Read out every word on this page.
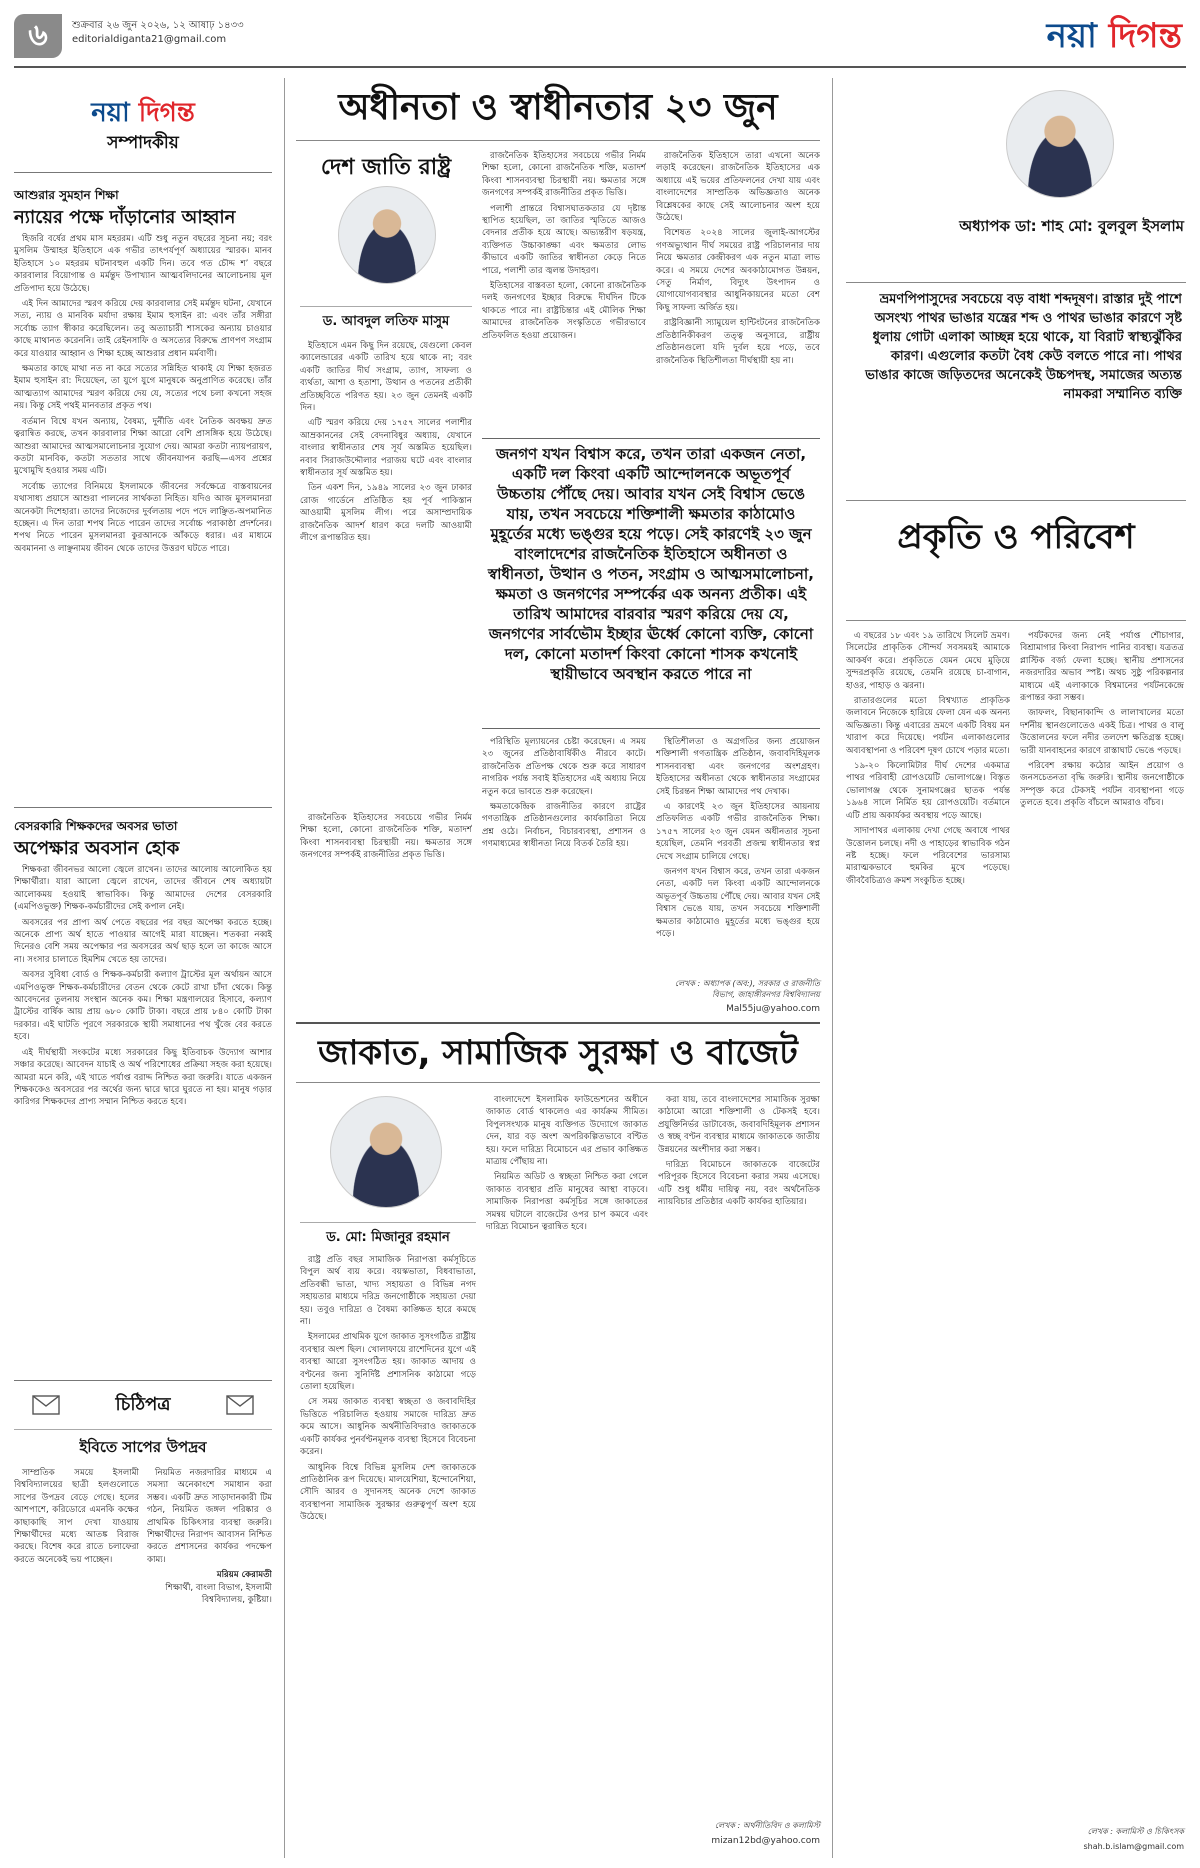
৬	শুক্রবার ২৬ জুন ২০২৬, ১২ আষাঢ় ১৪৩৩
editorialdiganta21@gmail.com	নয়া দিগন্ত
নয়া দিগন্ত
সম্পাদকীয়
আশুরার সুমহান শিক্ষা
ন্যায়ের পক্ষে দাঁড়ানোর আহ্বান

হিজরি বর্ষের প্রথম মাস মহররম। এটি শুধু নতুন বছরের সূচনা নয়; বরং মুসলিম উম্মাহর ইতিহাসে এক গভীর তাৎপর্যপূর্ণ অধ্যায়ের স্মারক। মানব ইতিহাসে ১০ মহররম ঘটনাবহুল একটি দিন। তবে গত চৌদ্দ শ’ বছরে কারবালার বিয়োগান্ত ও মর্মন্তুদ উপাখ্যান আত্মবলিদানের আলোচনায় মূল প্রতিপাদ্য হয়ে উঠেছে।

এই দিন আমাদের স্মরণ করিয়ে দেয় কারবালার সেই মর্মন্তুদ ঘটনা, যেখানে সত্য, ন্যায় ও মানবিক মর্যাদা রক্ষায় ইমাম হুসাইন রা: এবং তাঁর সঙ্গীরা সর্বোচ্চ ত্যাগ স্বীকার করেছিলেন। তবু অত্যাচারী শাসকের অন্যায় চাওয়ার কাছে মাথানত করেননি। তাই রেইনসাফি ও অসত্যের বিরুদ্ধে প্রাণপণ সংগ্রাম করে যাওয়ার আহ্বান ও শিক্ষা হচ্ছে আশুরার প্রধান মর্মবাণী।

ক্ষমতার কাছে মাথা নত না করে সত্যের সন্নিহিত থাকাই যে শিক্ষা হজরত ইমাম হুসাইন রা: দিয়েছেন, তা যুগে যুগে মানুষকে অনুপ্রাণিত করেছে। তাঁর আত্মত্যাগ আমাদের স্মরণ করিয়ে দেয় যে, সত্যের পথে চলা কখনো সহজ নয়। কিন্তু সেই পথই মানবতার প্রকৃত পথ।

বর্তমান বিশ্বে যখন অন্যায়, বৈষম্য, দুর্নীতি এবং নৈতিক অবক্ষয় দ্রুত ত্বরান্বিত করছে, তখন কারবালার শিক্ষা আরো বেশি প্রাসঙ্গিক হয়ে উঠেছে। আশুরা আমাদের আত্মসমালোচনার সুযোগ দেয়। আমরা কতটা ন্যায়পরায়ণ, কতটা মানবিক, কতটা সততার সাথে জীবনযাপন করছি—এসব প্রশ্নের মুখোমুখি হওয়ার সময় এটি।

সর্বোচ্চ ত্যাগের বিনিময়ে ইসলামকে জীবনের সর্বক্ষেত্রে বাস্তবায়নের যথাসাধ্য প্রয়াসে আশুরা পালনের সার্থকতা নিহিত। যদিও আজ মুসলমানরা অনেকটা দিশেহারা। তাদের নিজেদের দুর্বলতায় পদে পদে লাঞ্ছিত-অপমানিত হচ্ছেন। এ দিন তারা শপথ নিতে পারেন তাদের সর্বোচ্চ পরাকাষ্ঠা প্রদর্শনের। শপথ নিতে পারেন মুসলমানরা কুরআনকে আঁকড়ে ধরার। এর মাধ্যমে অবমাননা ও লাঞ্ছনাময় জীবন থেকে তাদের উত্তরণ ঘটতে পারে।

বেসরকারি শিক্ষকদের অবসর ভাতা
অপেক্ষার অবসান হোক

শিক্ষকরা জীবনভর আলো জ্বেলে রাখেন। তাদের আলোয় আলোকিত হয় শিক্ষার্থীরা। যারা আলো জ্বেলে রাখেন, তাদের জীবনে শেষ অধ্যায়টা আলোকময় হওয়াই স্বাভাবিক। কিন্তু আমাদের দেশের বেসরকারি (এমপিওভুক্ত) শিক্ষক-কর্মচারীদের সেই কপাল নেই।

অবসরের পর প্রাপ্য অর্থ পেতে বছরের পর বছর অপেক্ষা করতে হচ্ছে। অনেকে প্রাপ্য অর্থ হাতে পাওয়ার আগেই মারা যাচ্ছেন। শতকরা নব্বই দিনেরও বেশি সময় অপেক্ষার পর অবসরের অর্থ ছাড় হলে তা কাজে আসে না। সংসার চালাতে হিমশিম খেতে হয় তাদের।

অবসর সুবিধা বোর্ড ও শিক্ষক-কর্মচারী কল্যাণ ট্রাস্টের মূল অর্থায়ন আসে এমপিওভুক্ত শিক্ষক-কর্মচারীদের বেতন থেকে কেটে রাখা চাঁদা থেকে। কিন্তু আবেদনের তুলনায় সংস্থান অনেক কম। শিক্ষা মন্ত্রণালয়ের হিসাবে, কল্যাণ ট্রাস্টের বার্ষিক আয় প্রায় ৬৮০ কোটি টাকা। বছরে প্রায় ৮৪০ কোটি টাকা দরকার। এই ঘাটতি পূরণে সরকারকে স্থায়ী সমাধানের পথ খুঁজে বের করতে হবে।

এই দীর্ঘস্থায়ী সংকটের মধ্যে সরকারের কিছু ইতিবাচক উদ্যোগ আশার সঞ্চার করেছে। আবেদন যাচাই ও অর্থ পরিশোধের প্রক্রিয়া সহজ করা হয়েছে। আমরা মনে করি, এই খাতে পর্যাপ্ত বরাদ্দ নিশ্চিত করা জরুরি। যাতে একজন শিক্ষককেও অবসরের পর অর্থের জন্য দ্বারে দ্বারে ঘুরতে না হয়। মানুষ গড়ার কারিগর শিক্ষকদের প্রাপ্য সম্মান নিশ্চিত করতে হবে।

চিঠিপত্র
ইবিতে সাপের উপদ্রব

সাম্প্রতিক সময়ে ইসলামী বিশ্ববিদ্যালয়ের ছাত্রী হলগুলোতে সাপের উপদ্রব বেড়ে গেছে। হলের আশপাশে, করিডোরে এমনকি কক্ষের কাছাকাছি সাপ দেখা যাওয়ায় শিক্ষার্থীদের মধ্যে আতঙ্ক বিরাজ করছে। বিশেষ করে রাতে চলাফেরা করতে অনেকেই ভয় পাচ্ছেন।

নিয়মিত নজরদারির মাধ্যমে এ সমস্যা অনেকাংশে সমাধান করা সম্ভব। একটি দ্রুত সাড়াদানকারী টিম গঠন, নিয়মিত জঙ্গল পরিষ্কার ও প্রাথমিক চিকিৎসার ব্যবস্থা জরুরি। শিক্ষার্থীদের নিরাপদ আবাসন নিশ্চিত করতে প্রশাসনের কার্যকর পদক্ষেপ কাম্য।

মরিয়ম কেরামতী
শিক্ষার্থী, বাংলা বিভাগ, ইসলামী বিশ্ববিদ্যালয়, কুষ্টিয়া।
অধীনতা ও স্বাধীনতার ২৩ জুন
দেশ জাতি রাষ্ট্র
ড. আবদুল লতিফ মাসুম

ইতিহাসে এমন কিছু দিন রয়েছে, যেগুলো কেবল ক্যালেন্ডারের একটি তারিখ হয়ে থাকে না; বরং একটি জাতির দীর্ঘ সংগ্রাম, ত্যাগ, সাফল্য ও ব্যর্থতা, আশা ও হতাশা, উত্থান ও পতনের প্রতীকী প্রতিচ্ছবিতে পরিণত হয়। ২৩ জুন তেমনই একটি দিন।

এটি স্মরণ করিয়ে দেয় ১৭৫৭ সালের পলাশীর আম্রকাননের সেই বেদনাবিধুর অধ্যায়, যেখানে বাংলার স্বাধীনতার শেষ সূর্য অস্তমিত হয়েছিল। নবাব সিরাজউদ্দৌলার পরাজয় ঘটে এবং বাংলার স্বাধীনতার সূর্য অস্তমিত হয়।

তিন একশ দিন, ১৯৪৯ সালের ২৩ জুন ঢাকার রোজ গার্ডেনে প্রতিষ্ঠিত হয় পূর্ব পাকিস্তান আওয়ামী মুসলিম লীগ। পরে অসাম্প্রদায়িক রাজনৈতিক আদর্শ ধারণ করে দলটি আওয়ামী লীগে রূপান্তরিত হয়।

রাজনৈতিক ইতিহাসের সবচেয়ে গভীর নির্মম শিক্ষা হলো, কোনো রাজনৈতিক শক্তি, মতাদর্শ কিংবা শাসনব্যবস্থা চিরস্থায়ী নয়। ক্ষমতার সঙ্গে জনগণের সম্পর্কই রাজনীতির প্রকৃত ভিত্তি।

পলাশী প্রান্তরে বিশ্বাসঘাতকতার যে দৃষ্টান্ত স্থাপিত হয়েছিল, তা জাতির স্মৃতিতে আজও বেদনার প্রতীক হয়ে আছে। অভ্যন্তরীণ ষড়যন্ত্র, ব্যক্তিগত উচ্চাকাঙ্ক্ষা এবং ক্ষমতার লোভ কীভাবে একটি জাতির স্বাধীনতা কেড়ে নিতে পারে, পলাশী তার জ্বলন্ত উদাহরণ।

ইতিহাসের বাস্তবতা হলো, কোনো রাজনৈতিক দলই জনগণের ইচ্ছার বিরুদ্ধে দীর্ঘদিন টিকে থাকতে পারে না। রাষ্ট্রচিন্তার এই মৌলিক শিক্ষা আমাদের রাজনৈতিক সংস্কৃতিতে গভীরভাবে প্রতিফলিত হওয়া প্রয়োজন।

রাজনৈতিক ইতিহাসে তারা এখনো অনেক লড়াই করেছেন। রাজনৈতিক ইতিহাসের এক অধ্যায়ে এই ভয়ের প্রতিফলনের দেখা যায় এবং বাংলাদেশের সাম্প্রতিক অভিজ্ঞতাও অনেক বিশ্লেষকের কাছে সেই আলোচনার অংশ হয়ে উঠেছে।

বিশেষত ২০২৪ সালের জুলাই-আগস্টের গণঅভ্যুত্থান দীর্ঘ সময়ের রাষ্ট্র পরিচালনার দায় নিয়ে ক্ষমতার কেন্দ্রীকরণ এক নতুন মাত্রা লাভ করে। এ সময়ে দেশের অবকাঠামোগত উন্নয়ন, সেতু নির্মাণ, বিদ্যুৎ উৎপাদন ও যোগাযোগব্যবস্থার আধুনিকায়নের মতো বেশ কিছু সাফল্য অর্জিত হয়।

রাষ্ট্রবিজ্ঞানী স্যামুয়েল হান্টিংটনের রাজনৈতিক প্রতিষ্ঠানিকীকরণ তত্ত্ব অনুসারে, রাষ্ট্রীয় প্রতিষ্ঠানগুলো যদি দুর্বল হয়ে পড়ে, তবে রাজনৈতিক স্থিতিশীলতা দীর্ঘস্থায়ী হয় না।

জনগণ যখন বিশ্বাস করে, তখন তারা একজন নেতা, একটি দল কিংবা একটি আন্দোলনকে অভূতপূর্ব উচ্চতায় পৌঁছে দেয়। আবার যখন সেই বিশ্বাস ভেঙে যায়, তখন সবচেয়ে শক্তিশালী ক্ষমতার কাঠামোও মুহূর্তের মধ্যে ভঙ্গুর হয়ে পড়ে। সেই কারণেই ২৩ জুন বাংলাদেশের রাজনৈতিক ইতিহাসে অধীনতা ও স্বাধীনতা, উত্থান ও পতন, সংগ্রাম ও আত্মসমালোচনা, ক্ষমতা ও জনগণের সম্পর্কের এক অনন্য প্রতীক। এই তারিখ আমাদের বারবার স্মরণ করিয়ে দেয় যে, জনগণের সার্বভৌম ইচ্ছার ঊর্ধ্বে কোনো ব্যক্তি, কোনো দল, কোনো মতাদর্শ কিংবা কোনো শাসক কখনোই স্থায়ীভাবে অবস্থান করতে পারে না

পরিস্থিতি মূল্যায়নের চেষ্টা করেছেন। এ সময় ২৩ জুনের প্রতিষ্ঠাবার্ষিকীও নীরবে কাটে। রাজনৈতিক প্রতিপক্ষ থেকে শুরু করে সাধারণ নাগরিক পর্যন্ত সবাই ইতিহাসের এই অধ্যায় নিয়ে নতুন করে ভাবতে শুরু করেছেন।

ক্ষমতাকেন্দ্রিক রাজনীতির কারণে রাষ্ট্রের গণতান্ত্রিক প্রতিষ্ঠানগুলোর কার্যকারিতা নিয়ে প্রশ্ন ওঠে। নির্বাচন, বিচারব্যবস্থা, প্রশাসন ও গণমাধ্যমের স্বাধীনতা নিয়ে বিতর্ক তৈরি হয়।

স্থিতিশীলতা ও অগ্রগতির জন্য প্রয়োজন শক্তিশালী গণতান্ত্রিক প্রতিষ্ঠান, জবাবদিহিমূলক শাসনব্যবস্থা এবং জনগণের অংশগ্রহণ। ইতিহাসের অধীনতা থেকে স্বাধীনতার সংগ্রামের সেই চিরন্তন শিক্ষা আমাদের পথ দেখাক।

এ কারণেই ২৩ জুন ইতিহাসের আয়নায় প্রতিফলিত একটি গভীর রাজনৈতিক শিক্ষা। ১৭৫৭ সালের ২৩ জুন যেমন অধীনতার সূচনা হয়েছিল, তেমনি পরবর্তী প্রজন্ম স্বাধীনতার স্বপ্ন দেখে সংগ্রাম চালিয়ে গেছে।

জনগণ যখন বিশ্বাস করে, তখন তারা একজন নেতা, একটি দল কিংবা একটি আন্দোলনকে অভূতপূর্ব উচ্চতায় পৌঁছে দেয়। আবার যখন সেই বিশ্বাস ভেঙে যায়, তখন সবচেয়ে শক্তিশালী ক্ষমতার কাঠামোও মুহূর্তের মধ্যে ভঙ্গুর হয়ে পড়ে।

রাজনৈতিক ইতিহাসের সবচেয়ে গভীর নির্মম শিক্ষা হলো, কোনো রাজনৈতিক শক্তি, মতাদর্শ কিংবা শাসনব্যবস্থা চিরস্থায়ী নয়। ক্ষমতার সঙ্গে জনগণের সম্পর্কই রাজনীতির প্রকৃত ভিত্তি।

লেখক : অধ্যাপক (অব:), সরকার ও রাজনীতি বিভাগ, জাহাঙ্গীরনগর বিশ্ববিদ্যালয়
Mal55ju@yahoo.com
জাকাত, সামাজিক সুরক্ষা ও বাজেট
ড. মো: মিজানুর রহমান

রাষ্ট্র প্রতি বছর সামাজিক নিরাপত্তা কর্মসূচিতে বিপুল অর্থ ব্যয় করে। বয়স্কভাতা, বিধবাভাতা, প্রতিবন্ধী ভাতা, খাদ্য সহায়তা ও বিভিন্ন নগদ সহায়তার মাধ্যমে দরিদ্র জনগোষ্ঠীকে সহায়তা দেয়া হয়। তবুও দারিদ্র্য ও বৈষম্য কাঙ্ক্ষিত হারে কমছে না।

ইসলামের প্রাথমিক যুগে জাকাত সুসংগঠিত রাষ্ট্রীয় ব্যবস্থার অংশ ছিল। খোলাফায়ে রাশেদিনের যুগে এই ব্যবস্থা আরো সুসংগঠিত হয়। জাকাত আদায় ও বণ্টনের জন্য সুনির্দিষ্ট প্রশাসনিক কাঠামো গড়ে তোলা হয়েছিল।

সে সময় জাকাত ব্যবস্থা স্বচ্ছতা ও জবাবদিহির ভিত্তিতে পরিচালিত হওয়ায় সমাজে দারিদ্র্য দ্রুত কমে আসে। আধুনিক অর্থনীতিবিদরাও জাকাতকে একটি কার্যকর পুনর্বণ্টনমূলক ব্যবস্থা হিসেবে বিবেচনা করেন।

আধুনিক বিশ্বে বিভিন্ন মুসলিম দেশ জাকাতকে প্রাতিষ্ঠানিক রূপ দিয়েছে। মালয়েশিয়া, ইন্দোনেশিয়া, সৌদি আরব ও সুদানসহ অনেক দেশে জাকাত ব্যবস্থাপনা সামাজিক সুরক্ষার গুরুত্বপূর্ণ অংশ হয়ে উঠেছে।

বাংলাদেশে ইসলামিক ফাউন্ডেশনের অধীনে জাকাত বোর্ড থাকলেও এর কার্যক্রম সীমিত। বিপুলসংখ্যক মানুষ ব্যক্তিগত উদ্যোগে জাকাত দেন, যার বড় অংশ অপরিকল্পিতভাবে বণ্টিত হয়। ফলে দারিদ্র্য বিমোচনে এর প্রভাব কাঙ্ক্ষিত মাত্রায় পৌঁছায় না।

নিয়মিত অডিট ও স্বচ্ছতা নিশ্চিত করা গেলে জাকাত ব্যবস্থার প্রতি মানুষের আস্থা বাড়বে। সামাজিক নিরাপত্তা কর্মসূচির সঙ্গে জাকাতের সমন্বয় ঘটালে বাজেটের ওপর চাপ কমবে এবং দারিদ্র্য বিমোচন ত্বরান্বিত হবে।

করা যায়, তবে বাংলাদেশের সামাজিক সুরক্ষা কাঠামো আরো শক্তিশালী ও টেকসই হবে। প্রযুক্তিনির্ভর ডাটাবেজ, জবাবদিহিমূলক প্রশাসন ও স্বচ্ছ বণ্টন ব্যবস্থার মাধ্যমে জাকাতকে জাতীয় উন্নয়নের অংশীদার করা সম্ভব।

দারিদ্র্য বিমোচনে জাকাতকে বাজেটের পরিপূরক হিসেবে বিবেচনা করার সময় এসেছে। এটি শুধু ধর্মীয় দায়িত্ব নয়, বরং অর্থনৈতিক ন্যায়বিচার প্রতিষ্ঠার একটি কার্যকর হাতিয়ার।

লেখক : অর্থনীতিবিদ ও কলামিস্ট
mizan12bd@yahoo.com
অধ্যাপক ডা: শাহ মো: বুলবুল ইসলাম
ভ্রমণপিপাসুদের সবচেয়ে বড় বাধা শব্দদূষণ। রাস্তার দুই পাশে অসংখ্য পাথর ভাঙার যন্ত্রের শব্দ ও পাথর ভাঙার কারণে সৃষ্ট ধুলায় গোটা এলাকা আচ্ছন্ন হয়ে থাকে, যা বিরাট স্বাস্থ্যঝুঁকির কারণ। এগুলোর কতটা বৈধ কেউ বলতে পারে না। পাথর ভাঙার কাজে জড়িতদের অনেকেই উচ্চপদস্থ, সমাজের অত্যন্ত নামকরা সম্মানিত ব্যক্তি
প্রকৃতি ও পরিবেশ

এ বছরের ১৮ এবং ১৯ তারিখে সিলেট ভ্রমণ। সিলেটের প্রাকৃতিক সৌন্দর্য সবসময়ই আমাকে আকর্ষণ করে। প্রকৃতিতে যেমন মেঘে মুড়িয়ে সুন্দরপ্রকৃতি রয়েছে, তেমনি রয়েছে চা-বাগান, হাওর, পাহাড় ও ঝরনা।

রাতারগুলের মতো বিশ্বখ্যাত প্রাকৃতিক জলাবনে নিজেকে হারিয়ে ফেলা যেন এক অনন্য অভিজ্ঞতা। কিন্তু এবারের ভ্রমণে একটি বিষয় মন খারাপ করে দিয়েছে। পর্যটন এলাকাগুলোর অব্যবস্থাপনা ও পরিবেশ দূষণ চোখে পড়ার মতো।

১৯-২০ কিলোমিটার দীর্ঘ দেশের একমাত্র পাথর পরিবাহী রোপওয়েটি ভোলাগঞ্জে। বিস্তৃত ভোলাগঞ্জ থেকে সুনামগঞ্জের ছাতক পর্যন্ত ১৯৬৪ সালে নির্মিত হয় রোপওয়েটি। বর্তমানে এটি প্রায় অকার্যকর অবস্থায় পড়ে আছে।

সাদাপাথর এলাকায় দেখা গেছে অবাধে পাথর উত্তোলন চলছে। নদী ও পাহাড়ের স্বাভাবিক গঠন নষ্ট হচ্ছে। ফলে পরিবেশের ভারসাম্য মারাত্মকভাবে হুমকির মুখে পড়েছে। জীববৈচিত্র্যও ক্রমশ সংকুচিত হচ্ছে।

পর্যটকদের জন্য নেই পর্যাপ্ত শৌচাগার, বিশ্রামাগার কিংবা নিরাপদ পানির ব্যবস্থা। যত্রতত্র প্লাস্টিক বর্জ্য ফেলা হচ্ছে। স্থানীয় প্রশাসনের নজরদারির অভাব স্পষ্ট। অথচ সুষ্ঠু পরিকল্পনার মাধ্যমে এই এলাকাকে বিশ্বমানের পর্যটনকেন্দ্রে রূপান্তর করা সম্ভব।

জাফলং, বিছানাকান্দি ও লালাখালের মতো দর্শনীয় স্থানগুলোতেও একই চিত্র। পাথর ও বালু উত্তোলনের ফলে নদীর তলদেশ ক্ষতিগ্রস্ত হচ্ছে। ভারী যানবাহনের কারণে রাস্তাঘাট ভেঙে পড়ছে।

পরিবেশ রক্ষায় কঠোর আইন প্রয়োগ ও জনসচেতনতা বৃদ্ধি জরুরি। স্থানীয় জনগোষ্ঠীকে সম্পৃক্ত করে টেকসই পর্যটন ব্যবস্থাপনা গড়ে তুলতে হবে। প্রকৃতি বাঁচলে আমরাও বাঁচব।

লেখক : কলামিস্ট ও চিকিৎসক
shah.b.islam@gmail.com
